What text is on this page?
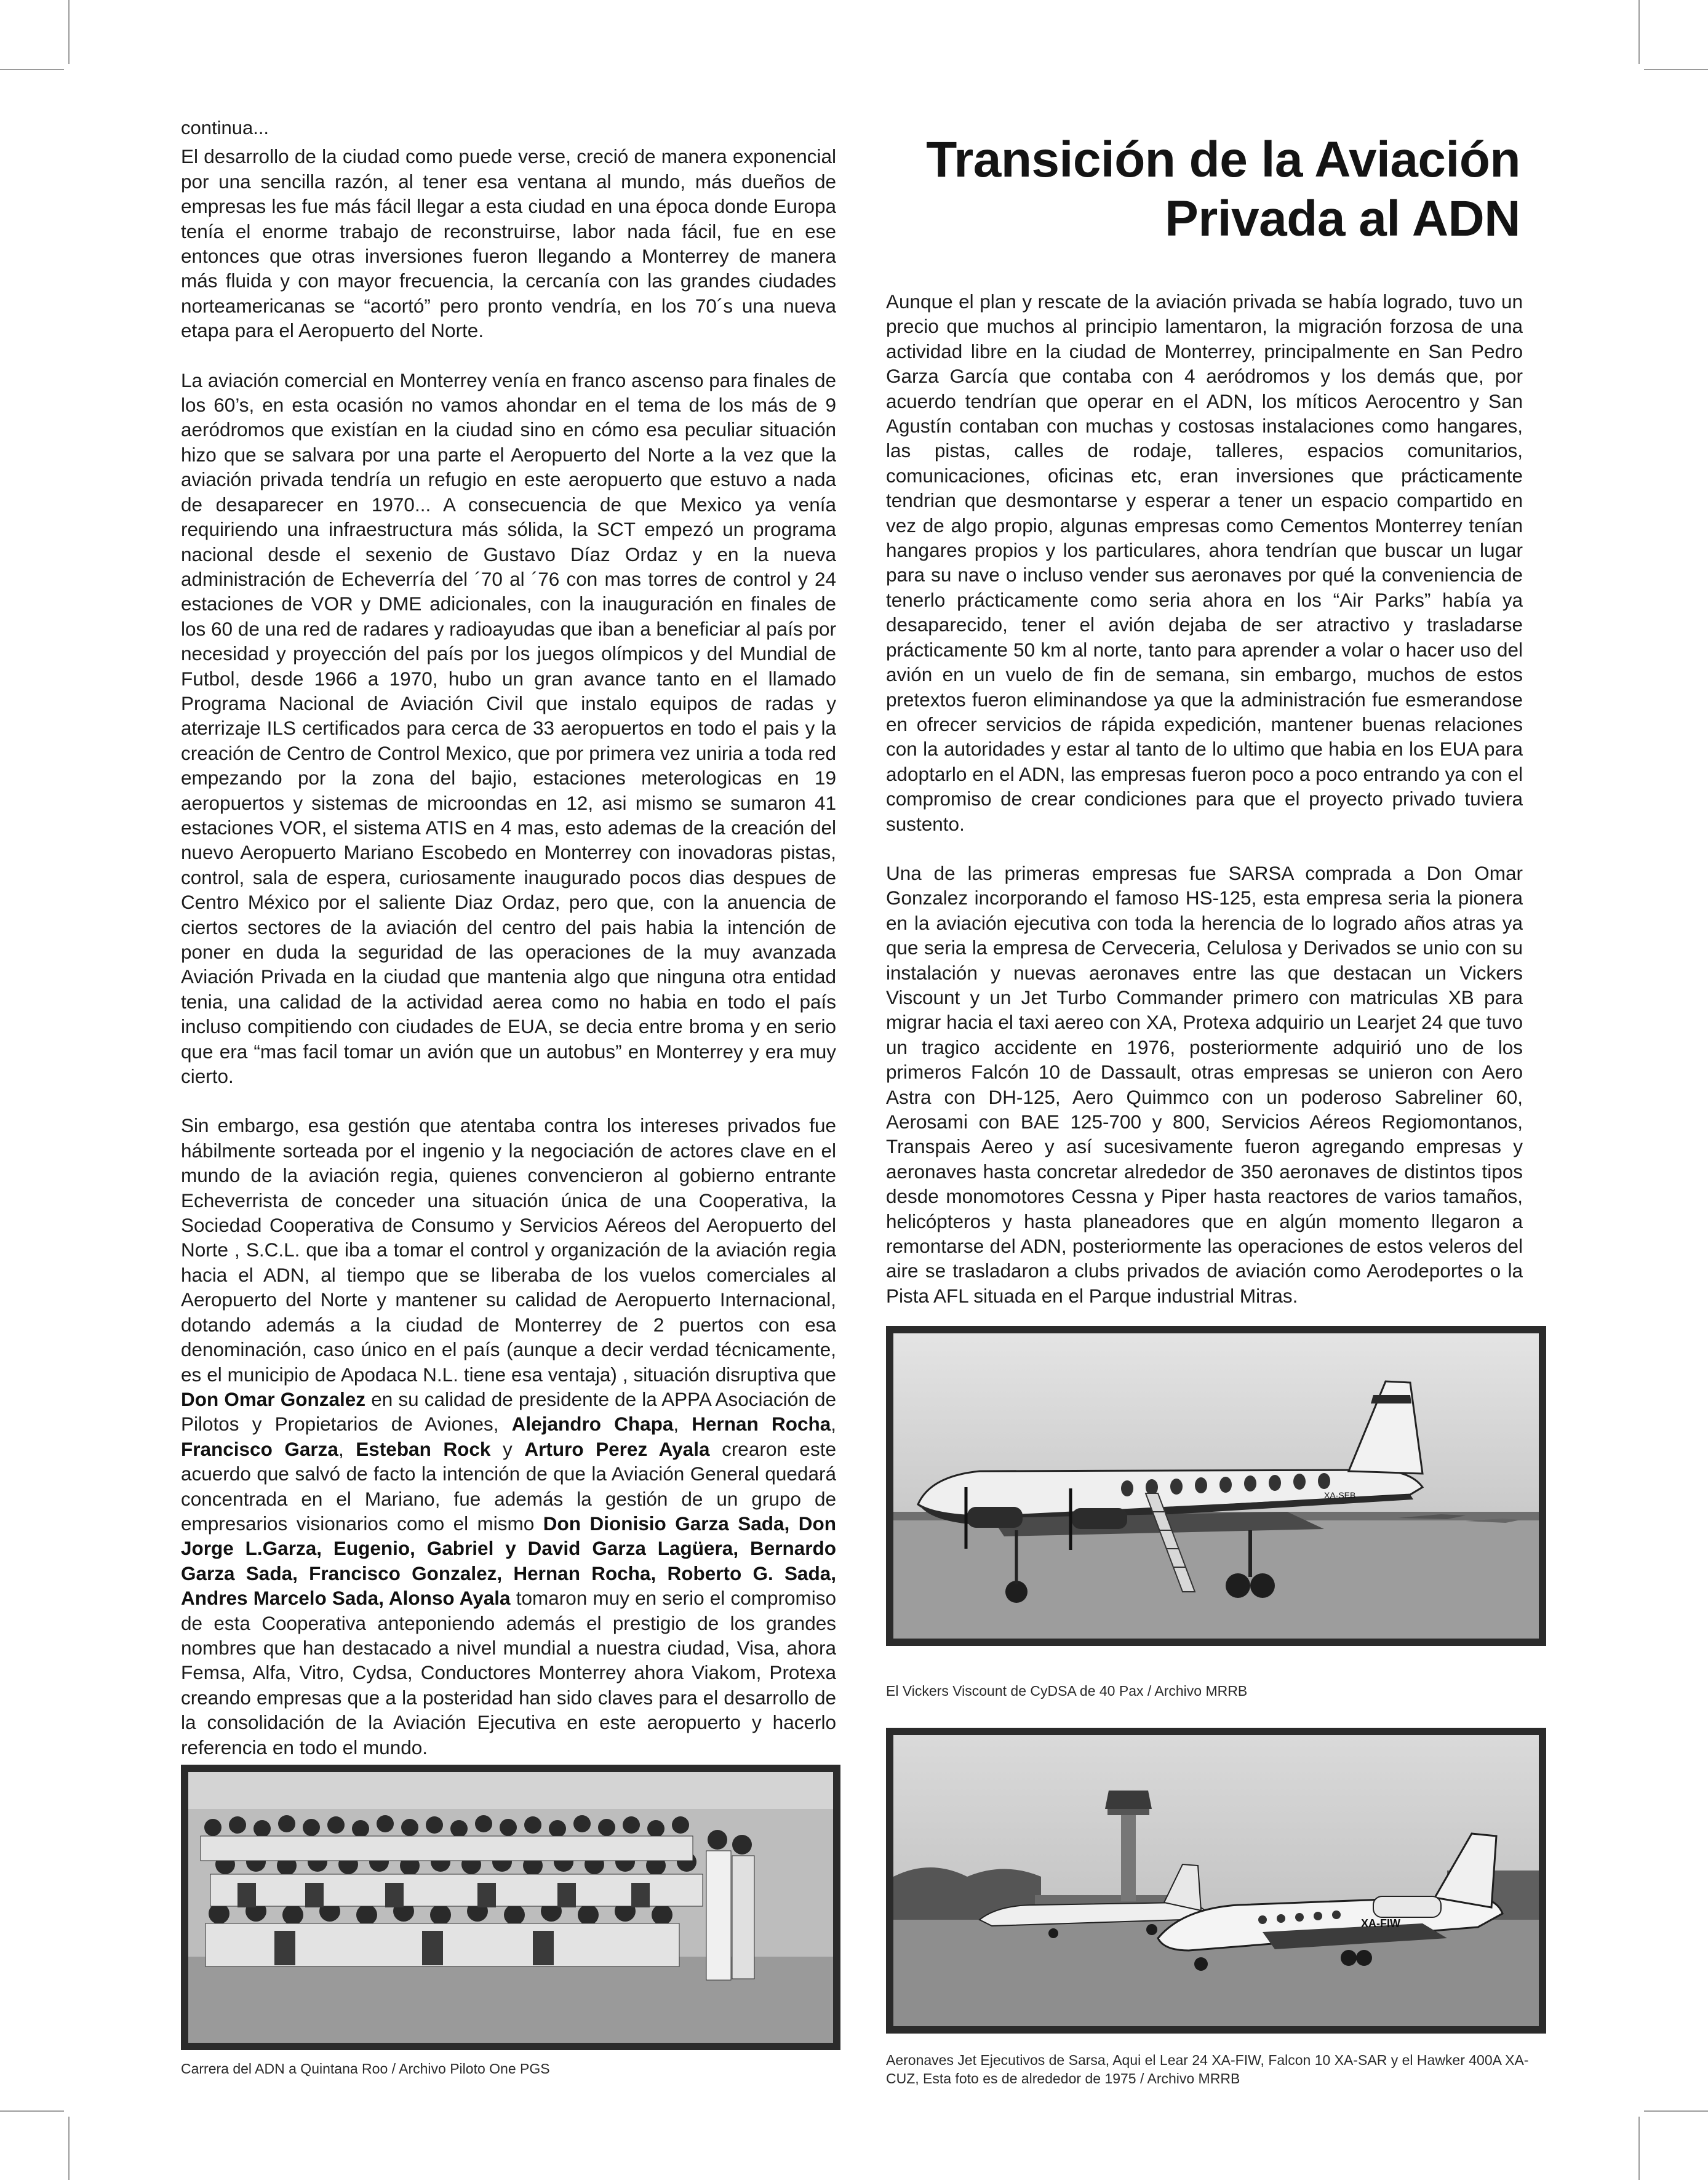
continua...

El desarrollo de la ciudad como puede verse, creció de manera exponencial por una sencilla razón, al tener esa ventana al mundo, más dueños de empresas les fue más fácil llegar a esta ciudad en una época donde Europa tenía el enorme trabajo de reconstruirse, labor nada fácil, fue en ese entonces que otras inversiones fueron llegando a Monterrey de manera más fluida y con mayor frecuencia, la cercanía con las grandes ciudades norteamericanas se “acortó” pero pronto vendría, en los 70´s una nueva etapa para el Aeropuerto del Norte.

La aviación comercial en Monterrey venía en franco ascenso para finales de los 60’s, en esta ocasión no vamos ahondar en el tema de los más de 9 aeródromos que existían en la ciudad sino en cómo esa peculiar situación hizo que se salvara por una parte el Aeropuerto del Norte a la vez que la aviación privada tendría un refugio en este aeropuerto que estuvo a nada de desaparecer en 1970... A consecuencia de que Mexico ya venía requiriendo una infraestructura más sólida, la SCT empezó un programa nacional desde el sexenio de Gustavo Díaz Ordaz y en la nueva administración de Echeverría del ´70 al ´76 con mas torres de control y 24 estaciones de VOR y DME adicionales, con la inauguración en finales de los 60 de una red de radares y radioayudas que iban a beneficiar al país por necesidad y proyección del país por los juegos olímpicos y del Mundial de Futbol, desde 1966 a 1970, hubo un gran avance tanto en el llamado Programa Nacional de Aviación Civil que instalo equipos de radas y aterrizaje ILS certificados para cerca de 33 aeropuertos en todo el pais y la creación de Centro de Control Mexico, que por primera vez uniria a toda red empezando por la zona del bajio, estaciones meterologicas en 19 aeropuertos y sistemas de microondas en 12, asi mismo se sumaron 41 estaciones VOR, el sistema ATIS en 4 mas, esto ademas de la creación del nuevo Aeropuerto Mariano Escobedo en Monterrey con inovadoras pistas, control, sala de espera, curiosamente inaugurado pocos dias despues de Centro México por el saliente Diaz Ordaz, pero que, con la anuencia de ciertos sectores de la aviación del centro del pais habia la intención de poner en duda la seguridad de las operaciones de la muy avanzada Aviación Privada en la ciudad que mantenia algo que ninguna otra entidad tenia, una calidad de la actividad aerea como no habia en todo el país incluso compitiendo con ciudades de EUA, se decia entre broma y en serio que era “mas facil tomar un avión que un autobus” en Monterrey y era muy cierto.

Sin embargo, esa gestión que atentaba contra los intereses privados fue hábilmente sorteada por el ingenio y la negociación de actores clave en el mundo de la aviación regia, quienes convencieron al gobierno entrante Echeverrista de conceder una situación única de una Cooperativa, la Sociedad Cooperativa de Consumo y Servicios Aéreos del Aeropuerto del Norte , S.C.L. que iba a tomar el control y organización de la aviación regia hacia el ADN, al tiempo que se liberaba de los vuelos comerciales al Aeropuerto del Norte y mantener su calidad de Aeropuerto Internacional, dotando además a la ciudad de Monterrey de 2 puertos con esa denominación, caso único en el país (aunque a decir verdad técnicamente, es el municipio de Apodaca N.L. tiene esa ventaja) , situación disruptiva que Don Omar Gonzalez en su calidad de presidente de la APPA Asociación de Pilotos y Propietarios de Aviones, Alejandro Chapa, Hernan Rocha, Francisco Garza, Esteban Rock y Arturo Perez Ayala crearon este acuerdo que salvó de facto la intención de que la Aviación General quedará concentrada en el Mariano, fue además la gestión de un grupo de empresarios visionarios como el mismo Don Dionisio Garza Sada, Don Jorge L.Garza, Eugenio, Gabriel y David Garza Lagüera, Bernardo Garza Sada, Francisco Gonzalez, Hernan Rocha, Roberto G. Sada, Andres Marcelo Sada, Alonso Ayala tomaron muy en serio el compromiso de esta Cooperativa anteponiendo además el prestigio de los grandes nombres que han destacado a nivel mundial a nuestra ciudad, Visa, ahora Femsa, Alfa, Vitro, Cydsa, Conductores Monterrey ahora Viakom, Protexa creando empresas que a la posteridad han sido claves para el desarrollo de la consolidación de la Aviación Ejecutiva en este aeropuerto y hacerlo referencia en todo el mundo.

Transición de la Aviación Privada al ADN

Aunque el plan y rescate de la aviación privada se había logrado, tuvo un precio que muchos al principio lamentaron, la migración forzosa de una actividad libre en la ciudad de Monterrey, principalmente en San Pedro Garza García que contaba con 4 aeródromos y los demás que, por acuerdo tendrían que operar en el ADN, los míticos Aerocentro y San Agustín contaban con muchas y costosas instalaciones como hangares, las pistas, calles de rodaje, talleres, espacios comunitarios, comunicaciones, oficinas etc, eran inversiones que prácticamente tendrian que desmontarse y esperar a tener un espacio compartido en vez de algo propio, algunas empresas como Cementos Monterrey tenían hangares propios y los particulares, ahora tendrían que buscar un lugar para su nave o incluso vender sus aeronaves por qué la conveniencia de tenerlo prácticamente como seria ahora en los “Air Parks” había ya desaparecido, tener el avión dejaba de ser atractivo y trasladarse prácticamente 50 km al norte, tanto para aprender a volar o hacer uso del avión en un vuelo de fin de semana, sin embargo, muchos de estos pretextos fueron eliminandose ya que la administración fue esmerandose en ofrecer servicios de rápida expedición, mantener buenas relaciones con la autoridades y estar al tanto de lo ultimo que habia en los EUA para adoptarlo en el ADN, las empresas fueron poco a poco entrando ya con el compromiso de crear condiciones para que el proyecto privado tuviera sustento.

Una de las primeras empresas fue SARSA comprada a Don Omar Gonzalez incorporando el famoso HS-125, esta empresa seria la pionera en la aviación ejecutiva con toda la herencia de lo logrado años atras ya que seria la empresa de Cerveceria, Celulosa y Derivados se unio con su instalación y nuevas aeronaves entre las que destacan un Vickers Viscount y un Jet Turbo Commander primero con matriculas XB para migrar hacia el taxi aereo con XA, Protexa adquirio un Learjet 24 que tuvo un tragico accidente en 1976, posteriormente adquirió uno de los primeros Falcón 10 de Dassault, otras empresas se unieron con Aero Astra con DH-125, Aero Quimmco con un poderoso Sabreliner 60, Aerosami con BAE 125-700 y 800, Servicios Aéreos Regiomontanos, Transpais Aereo y así sucesivamente fueron agregando empresas y aeronaves hasta concretar alrededor de 350 aeronaves de distintos tipos desde monomotores Cessna y Piper hasta reactores de varios tamaños, helicópteros y hasta planeadores que en algún momento llegaron a remontarse del ADN, posteriormente las operaciones de estos veleros del aire se trasladaron a clubs privados de aviación como Aerodeportes o la Pista AFL situada en el Parque industrial Mitras.

XA-SEB
El Vickers Viscount de CyDSA de 40 Pax / Archivo MRRB
XA-FIW
Aeronaves Jet Ejecutivos de Sarsa, Aqui el Lear 24 XA-FIW, Falcon 10 XA-SAR y el Hawker 400A XA-CUZ, Esta foto es de alrededor de 1975 / Archivo MRRB
Carrera del ADN a Quintana Roo / Archivo Piloto One PGS
